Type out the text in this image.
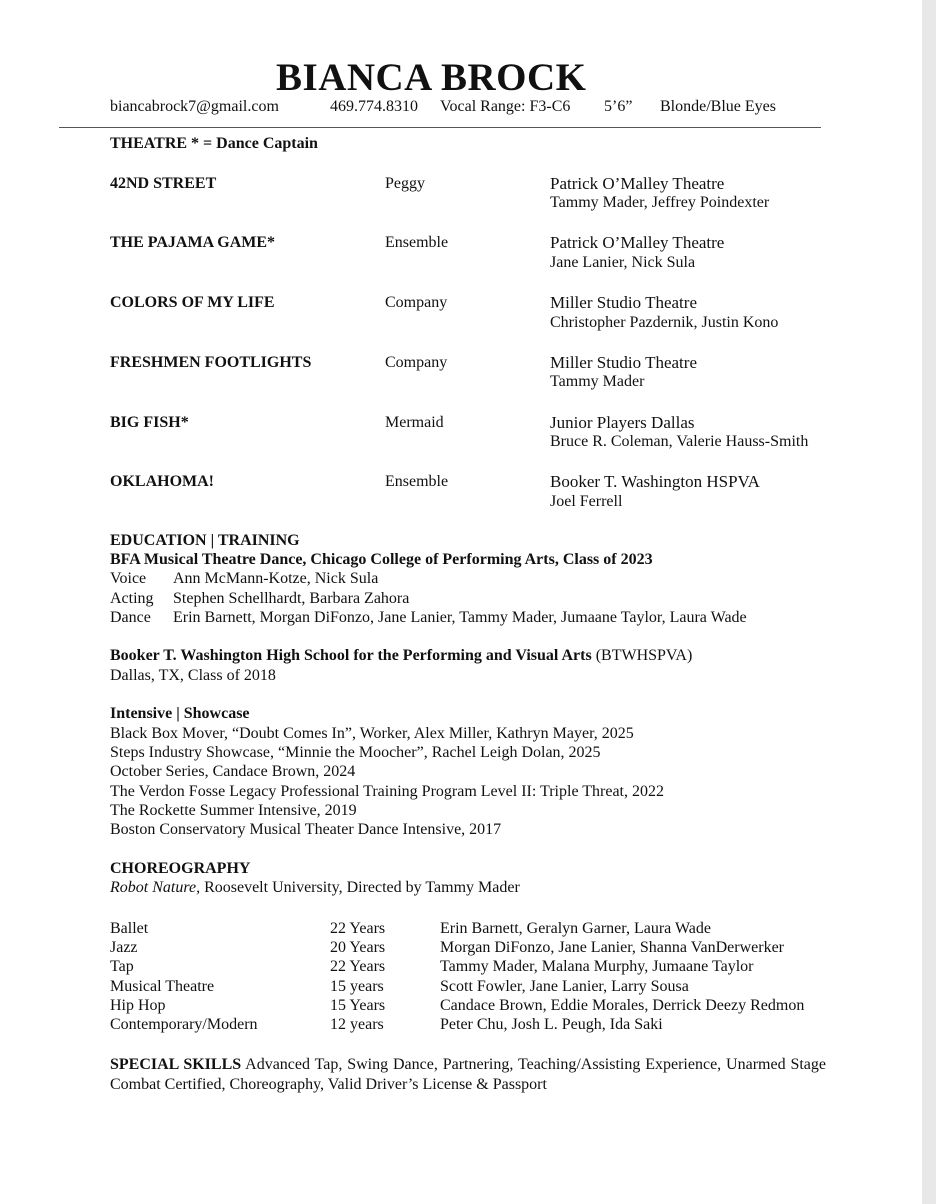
BIANCA BROCK
biancabrock7@gmail.com	469.774.8310 Vocal Range: F3-C6 5’6” Blonde/Blue Eyes
THEATRE * = Dance Captain
42ND STREET	Peggy	Patrick O’Malley Theatre
Tammy Mader, Jeffrey Poindexter
THE PAJAMA GAME*	Ensemble	Patrick O’Malley Theatre
Jane Lanier, Nick Sula
COLORS OF MY LIFE	Company	Miller Studio Theatre
Christopher Pazdernik, Justin Kono
FRESHMEN FOOTLIGHTS	Company	Miller Studio Theatre
Tammy Mader
BIG FISH*	Mermaid	Junior Players Dallas
Bruce R. Coleman, Valerie Hauss-Smith
OKLAHOMA!	Ensemble	Booker T. Washington HSPVA
Joel Ferrell
EDUCATION | TRAINING
BFA Musical Theatre Dance, Chicago College of Performing Arts, Class of 2023
Voice Ann McMann-Kotze, Nick Sula
Acting Stephen Schellhardt, Barbara Zahora
Dance Erin Barnett, Morgan DiFonzo, Jane Lanier, Tammy Mader, Jumaane Taylor, Laura Wade
Booker T. Washington High School for the Performing and Visual Arts (BTWHSPVA)
Dallas, TX, Class of 2018
Intensive | Showcase
Black Box Mover, “Doubt Comes In”, Worker, Alex Miller, Kathryn Mayer, 2025
Steps Industry Showcase, “Minnie the Moocher”, Rachel Leigh Dolan, 2025
October Series, Candace Brown, 2024
The Verdon Fosse Legacy Professional Training Program Level II: Triple Threat, 2022
The Rockette Summer Intensive, 2019
Boston Conservatory Musical Theater Dance Intensive, 2017
CHOREOGRAPHY
Robot Nature, Roosevelt University, Directed by Tammy Mader
Ballet	22 Years	Erin Barnett, Geralyn Garner, Laura Wade
Jazz	20 Years	Morgan DiFonzo, Jane Lanier, Shanna VanDerwerker
Tap	22 Years	Tammy Mader, Malana Murphy, Jumaane Taylor
Musical Theatre	15 years	Scott Fowler, Jane Lanier, Larry Sousa
Hip Hop	15 Years	Candace Brown, Eddie Morales, Derrick Deezy Redmon
Contemporary/Modern	12 years	Peter Chu, Josh L. Peugh, Ida Saki
SPECIAL SKILLS Advanced Tap, Swing Dance, Partnering, Teaching/Assisting Experience, Unarmed Stage Combat Certified, Choreography, Valid Driver’s License & Passport
